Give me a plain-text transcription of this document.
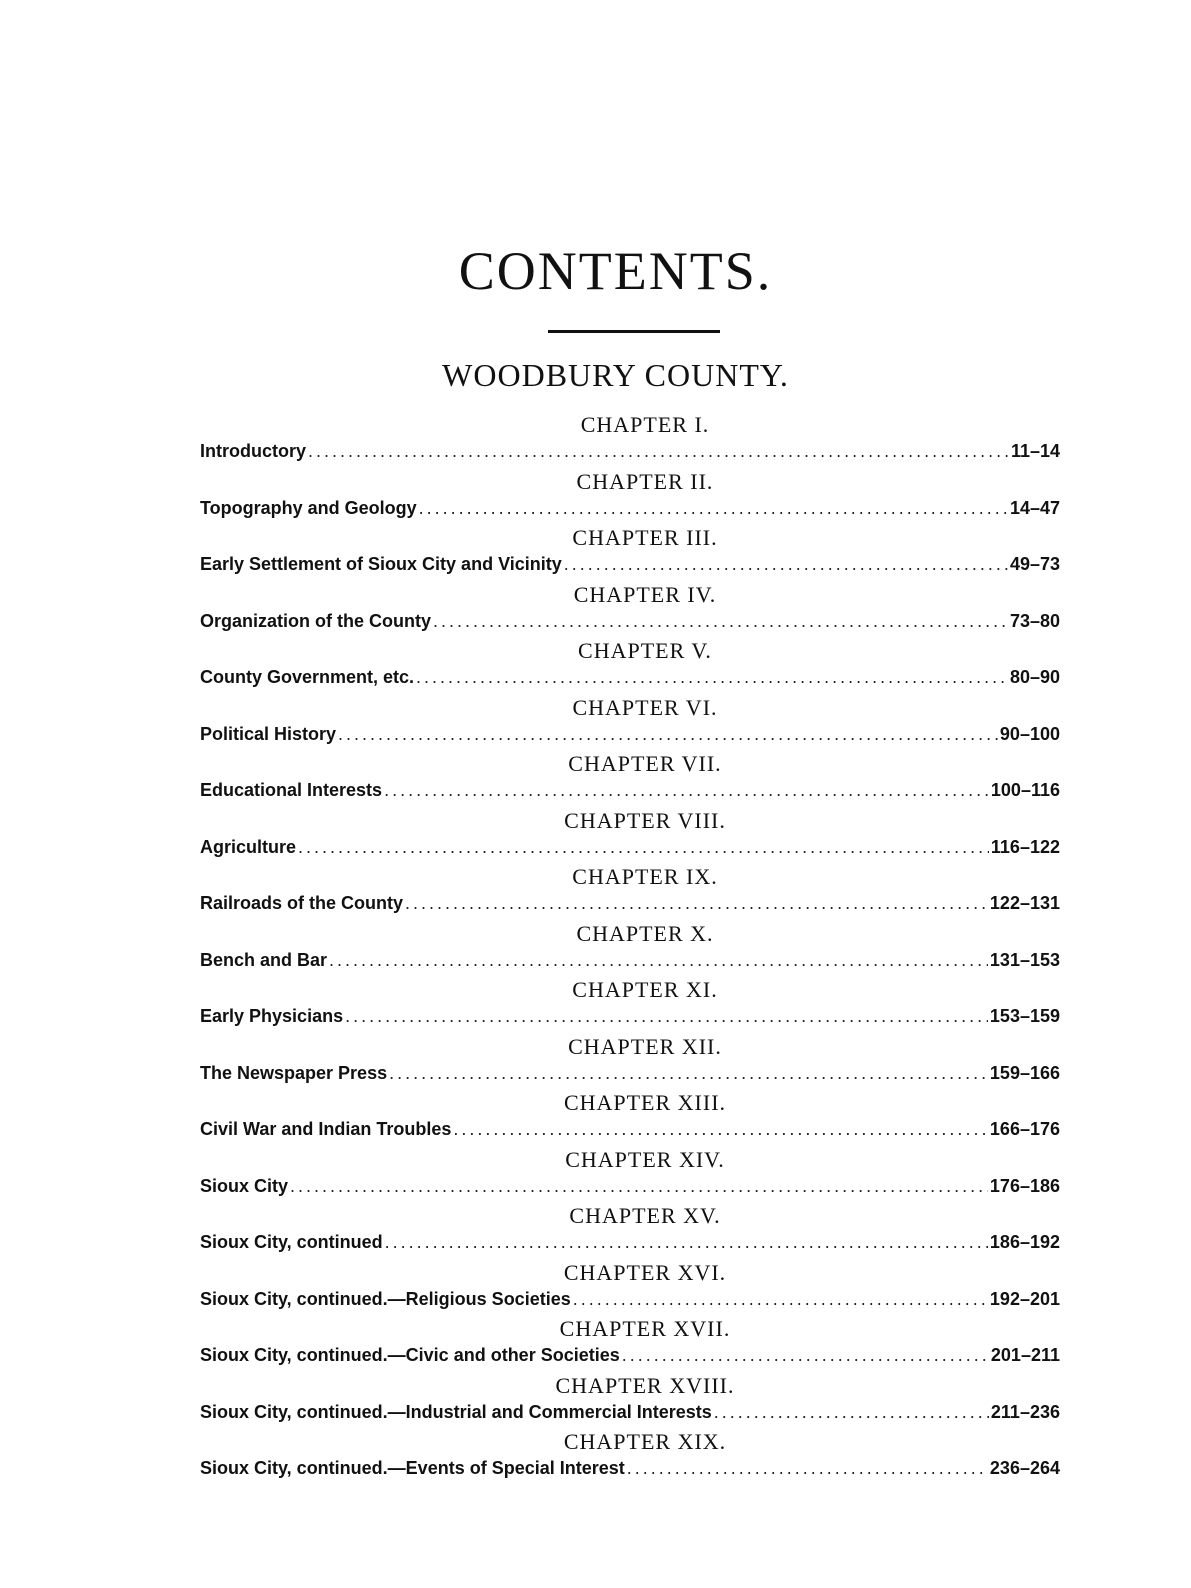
CONTENTS.
WOODBURY COUNTY.
CHAPTER I.
Introductory .....	11–14
CHAPTER II.
Topography and Geology .....	14–47
CHAPTER III.
Early Settlement of Sioux City and Vicinity .....	49–73
CHAPTER IV.
Organization of the County .....	73–80
CHAPTER V.
County Government, etc. .....	80–90
CHAPTER VI.
Political History .....	90–100
CHAPTER VII.
Educational Interests .....	100–116
CHAPTER VIII.
Agriculture .....	116–122
CHAPTER IX.
Railroads of the County .....	122–131
CHAPTER X.
Bench and Bar .....	131–153
CHAPTER XI.
Early Physicians .....	153–159
CHAPTER XII.
The Newspaper Press .....	159–166
CHAPTER XIII.
Civil War and Indian Troubles .....	166–176
CHAPTER XIV.
Sioux City .....	176–186
CHAPTER XV.
Sioux City, continued .....	186–192
CHAPTER XVI.
Sioux City, continued.—Religious Societies .....	192–201
CHAPTER XVII.
Sioux City, continued.—Civic and other Societies .....	201–211
CHAPTER XVIII.
Sioux City, continued.—Industrial and Commercial Interests .....	211–236
CHAPTER XIX.
Sioux City, continued.—Events of Special Interest .....	236–264
